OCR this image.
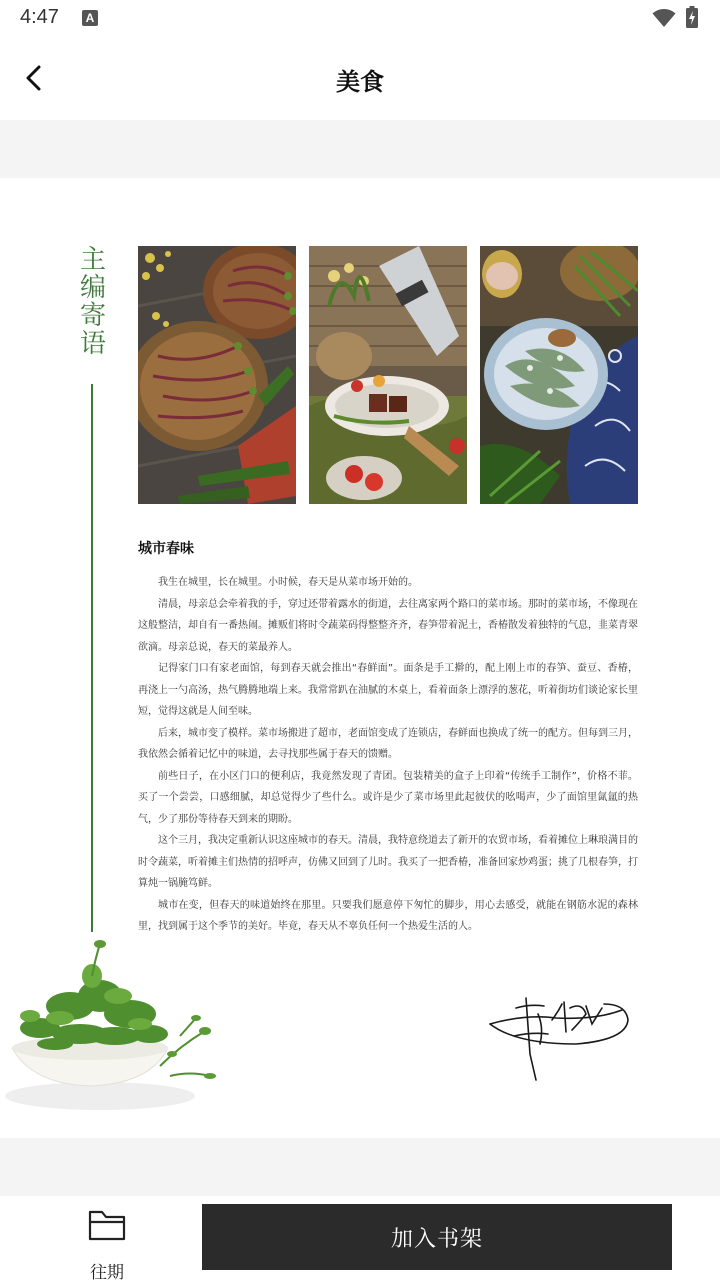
4:47	A
美食
主
编
寄
语
城市春味

我生在城里，长在城里。小时候，春天是从菜市场开始的。

清晨，母亲总会牵着我的手，穿过还带着露水的街道，去往离家两个路口的菜市场。那时的菜市场，不像现在这般整洁，却自有一番热闹。摊贩们将时令蔬菜码得整整齐齐，春笋带着泥土，香椿散发着独特的气息，韭菜青翠欲滴。母亲总说，春天的菜最养人。

记得家门口有家老面馆，每到春天就会推出“春鲜面”。面条是手工擀的，配上刚上市的春笋、蚕豆、香椿，再浇上一勺高汤，热气腾腾地端上来。我常常趴在油腻的木桌上，看着面条上漂浮的葱花，听着街坊们谈论家长里短，觉得这就是人间至味。

后来，城市变了模样。菜市场搬进了超市，老面馆变成了连锁店，春鲜面也换成了统一的配方。但每到三月，我依然会循着记忆中的味道，去寻找那些属于春天的馈赠。

前些日子，在小区门口的便利店，我竟然发现了青团。包装精美的盒子上印着“传统手工制作”，价格不菲。买了一个尝尝，口感细腻，却总觉得少了些什么。或许是少了菜市场里此起彼伏的吆喝声，少了面馆里氤氲的热气，少了那份等待春天到来的期盼。

这个三月，我决定重新认识这座城市的春天。清晨，我特意绕道去了新开的农贸市场，看着摊位上琳琅满目的时令蔬菜，听着摊主们热情的招呼声，仿佛又回到了儿时。我买了一把香椿，准备回家炒鸡蛋；挑了几根春笋，打算炖一锅腌笃鲜。

城市在变，但春天的味道始终在那里。只要我们愿意停下匆忙的脚步，用心去感受，就能在钢筋水泥的森林里，找到属于这个季节的美好。毕竟，春天从不辜负任何一个热爱生活的人。

往期
加入书架
